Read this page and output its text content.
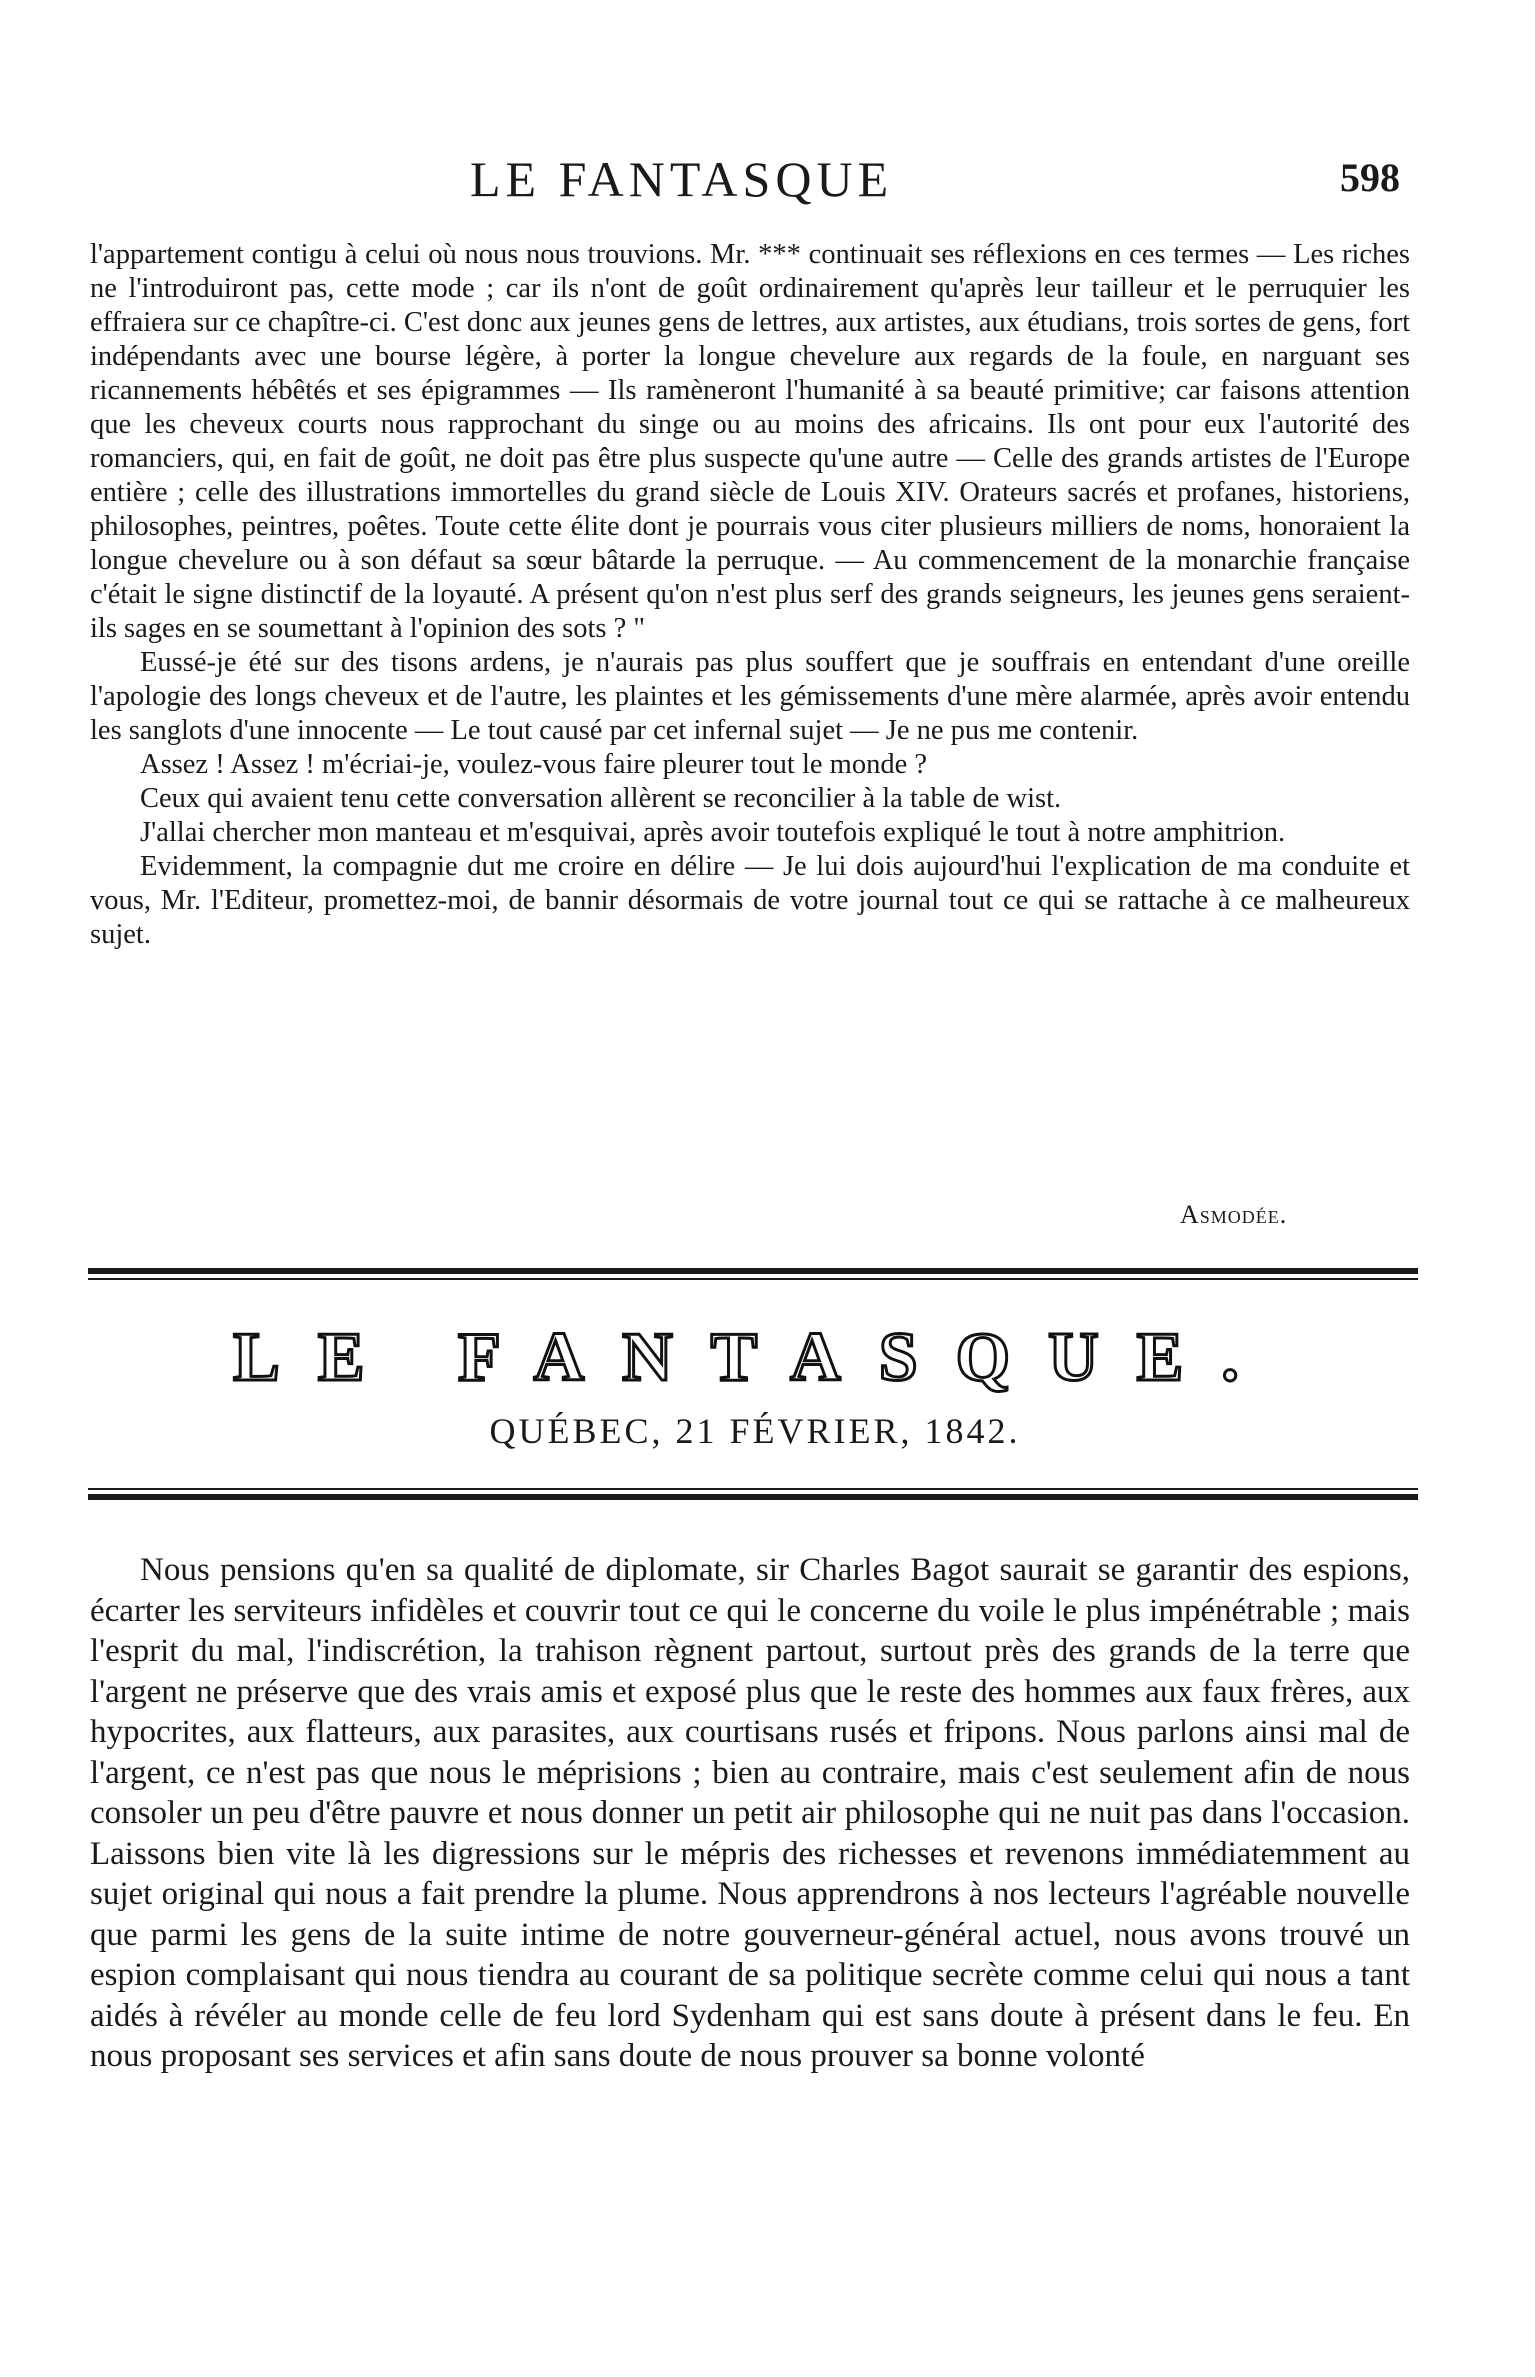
LE FANTASQUE	598

l'appartement contigu à celui où nous nous trouvions. Mr. *** continuait ses réflexions en ces termes — Les riches ne l'introduiront pas, cette mode ; car ils n'ont de goût ordinairement qu'après leur tailleur et le perruquier les effraiera sur ce chapître-ci. C'est donc aux jeunes gens de lettres, aux artistes, aux étudians, trois sortes de gens, fort indépendants avec une bourse légère, à porter la longue chevelure aux regards de la foule, en narguant ses ricannements hébêtés et ses épigrammes — Ils ramèneront l'humanité à sa beauté primitive; car faisons attention que les cheveux courts nous rapprochant du singe ou au moins des africains. Ils ont pour eux l'autorité des romanciers, qui, en fait de goût, ne doit pas être plus suspecte qu'une autre — Celle des grands artistes de l'Europe entière ; celle des illustrations immortelles du grand siècle de Louis XIV. Orateurs sacrés et profanes, historiens, philosophes, peintres, poêtes. Toute cette élite dont je pourrais vous citer plusieurs milliers de noms, honoraient la longue chevelure ou à son défaut sa sœur bâtarde la perruque. — Au commencement de la monarchie française c'était le signe distinctif de la loyauté. A présent qu'on n'est plus serf des grands seigneurs, les jeunes gens seraient-ils sages en se soumettant à l'opinion des sots ? "

Eussé-je été sur des tisons ardens, je n'aurais pas plus souffert que je souffrais en entendant d'une oreille l'apologie des longs cheveux et de l'autre, les plaintes et les gémissements d'une mère alarmée, après avoir entendu les sanglots d'une innocente — Le tout causé par cet infernal sujet — Je ne pus me contenir.

Assez ! Assez ! m'écriai-je, voulez-vous faire pleurer tout le monde ?

Ceux qui avaient tenu cette conversation allèrent se reconcilier à la table de wist.

J'allai chercher mon manteau et m'esquivai, après avoir toutefois expliqué le tout à notre amphitrion.

Evidemment, la compagnie dut me croire en délire — Je lui dois aujourd'hui l'explication de ma conduite et vous, Mr. l'Editeur, promettez-moi, de bannir désormais de votre journal tout ce qui se rattache à ce malheureux sujet.

Asmodée.
LE FANTASQUE.
QUÉBEC, 21 FÉVRIER, 1842.

Nous pensions qu'en sa qualité de diplomate, sir Charles Bagot saurait se garantir des espions, écarter les serviteurs infidèles et couvrir tout ce qui le concerne du voile le plus impénétrable ; mais l'esprit du mal, l'indiscrétion, la trahison règnent partout, surtout près des grands de la terre que l'argent ne préserve que des vrais amis et exposé plus que le reste des hommes aux faux frères, aux hypocrites, aux flatteurs, aux parasites, aux courtisans rusés et fripons. Nous parlons ainsi mal de l'argent, ce n'est pas que nous le méprisions ; bien au contraire, mais c'est seulement afin de nous consoler un peu d'être pauvre et nous donner un petit air philosophe qui ne nuit pas dans l'occasion. Laissons bien vite là les digressions sur le mépris des richesses et revenons immédiatemment au sujet original qui nous a fait prendre la plume. Nous apprendrons à nos lecteurs l'agréable nouvelle que parmi les gens de la suite intime de notre gouverneur-général actuel, nous avons trouvé un espion complaisant qui nous tiendra au courant de sa politique secrète comme celui qui nous a tant aidés à révéler au monde celle de feu lord Sydenham qui est sans doute à présent dans le feu. En nous proposant ses services et afin sans doute de nous prouver sa bonne volonté
